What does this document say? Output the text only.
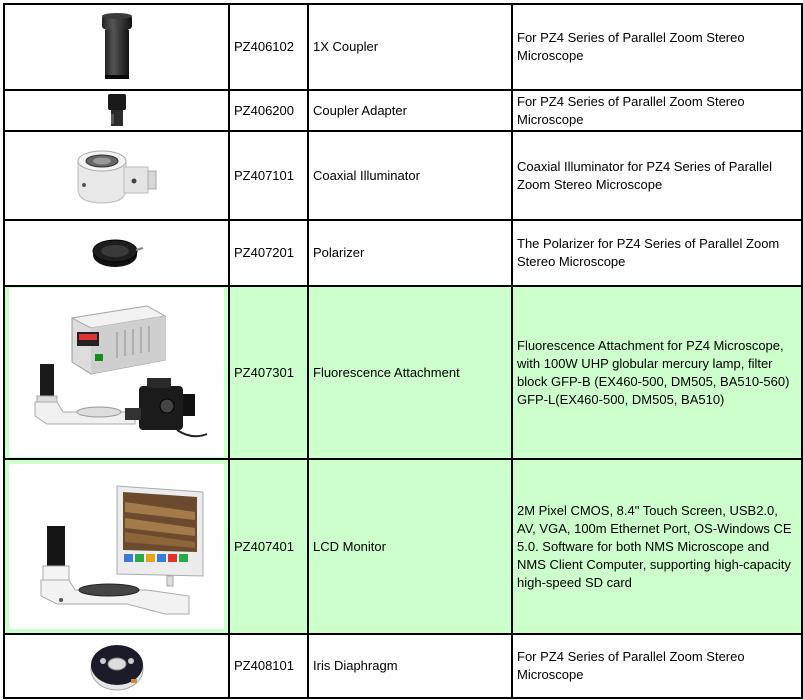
	PZ406102	1X Coupler	For PZ4 Series of Parallel Zoom Stereo Microscope

	PZ406200	Coupler Adapter	For PZ4 Series of Parallel Zoom Stereo Microscope

	PZ407101	Coaxial Illuminator	Coaxial Illuminator for PZ4 Series of Parallel Zoom Stereo Microscope

	PZ407201	Polarizer	The Polarizer for PZ4 Series of Parallel Zoom Stereo Microscope

	PZ407301	Fluorescence Attachment	Fluorescence Attachment for PZ4 Microscope, with 100W UHP globular mercury lamp, filter block GFP-B (EX460-500, DM505, BA510-560) GFP-L(EX460-500, DM505, BA510)

	PZ407401	LCD Monitor	2M Pixel CMOS, 8.4" Touch Screen, USB2.0, AV, VGA, 100m Ethernet Port, OS-Windows CE 5.0. Software for both NMS Microscope and NMS Client Computer, supporting high-capacity high-speed SD card

	PZ408101	Iris Diaphragm	For PZ4 Series of Parallel Zoom Stereo Microscope
